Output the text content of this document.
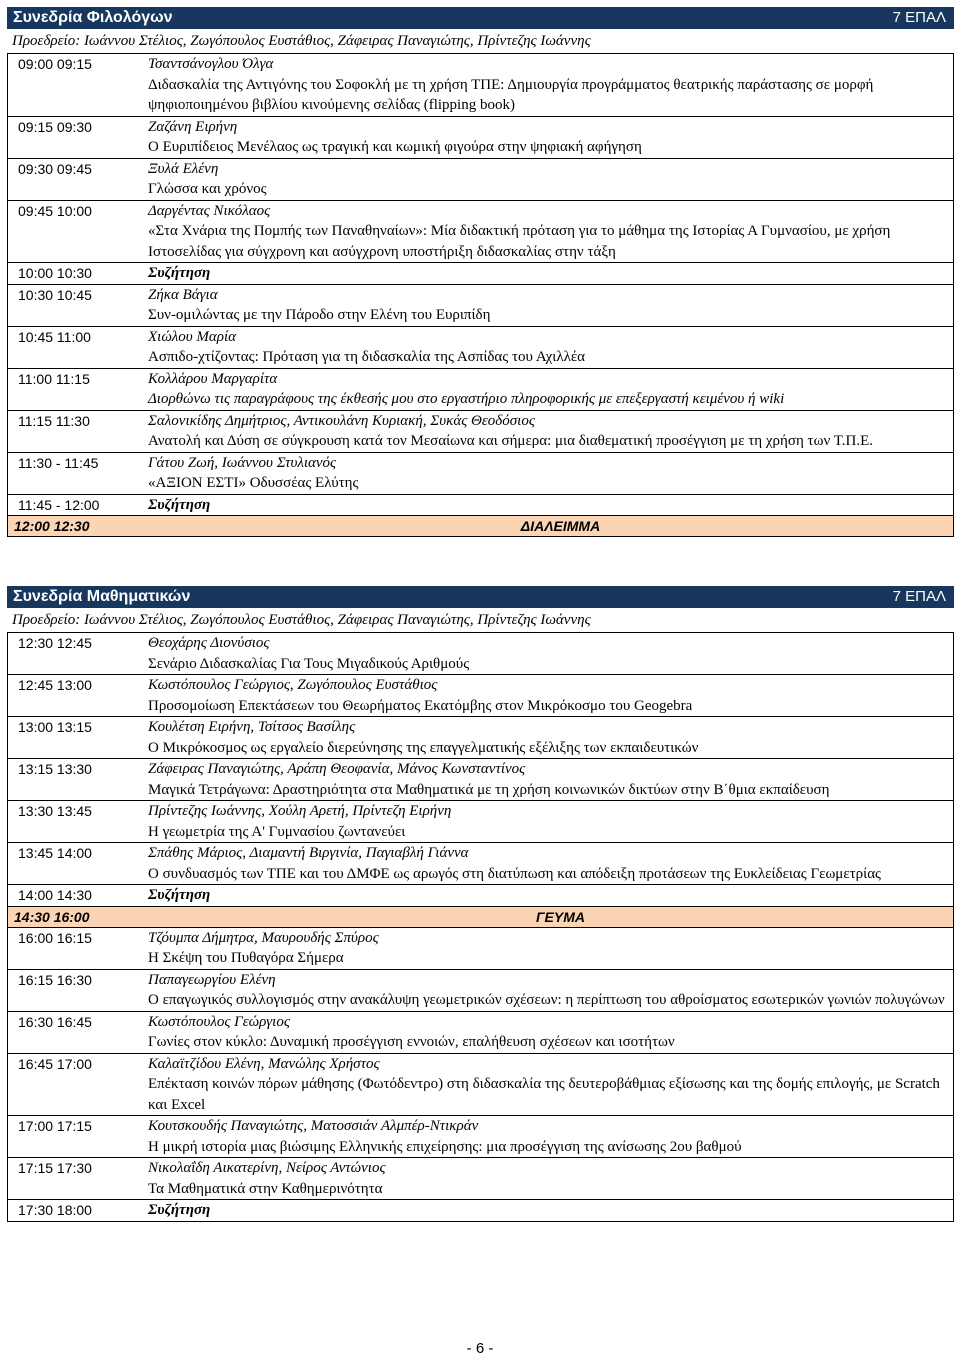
Συνεδρία Φιλολόγων	7 ΕΠΑΛ
Προεδρείο: Ιωάννου Στέλιος, Ζωγόπουλος Ευστάθιος, Ζάφειρας Παναγιώτης, Πρίντεζης Ιωάννης
09:00 09:15	Τσαντσάνογλου Όλγα
Διδασκαλία της Αντιγόνης του Σοφοκλή με τη χρήση ΤΠΕ: Δημιουργία προγράμματος θεατρικής παράστασης σε μορφή ψηφιοποιημένου βιβλίου κινούμενης σελίδας (flipping book)
09:15 09:30	Ζαζάνη Ειρήνη
Ο Ευριπίδειος Μενέλαος ως τραγική και κωμική φιγούρα στην ψηφιακή αφήγηση
09:30 09:45	Ξυλά Ελένη
Γλώσσα και χρόνος
09:45 10:00	Δαργέντας Νικόλαος
«Στα Χνάρια της Πομπής των Παναθηναίων»: Μία διδακτική πρόταση για το μάθημα της Ιστορίας Α Γυμνασίου, με χρήση Ιστοσελίδας για σύγχρονη και ασύγχρονη υποστήριξη διδασκαλίας στην τάξη
10:00 10:30	Συζήτηση
10:30 10:45	Ζήκα Βάγια
Συν-ομιλώντας με την Πάροδο στην Ελένη του Ευριπίδη
10:45 11:00	Χιώλου Μαρία
Ασπιδο-χτίζοντας: Πρόταση για τη διδασκαλία της Ασπίδας του Αχιλλέα
11:00 11:15	Κολλάρου Μαργαρίτα
Διορθώνω τις παραγράφους της έκθεσής μου στο εργαστήριο πληροφορικής με επεξεργαστή κειμένου ή wiki
11:15 11:30	Σαλονικίδης Δημήτριος, Αντικουλάνη Κυριακή, Συκάς Θεοδόσιος
Ανατολή και Δύση σε σύγκρουση κατά τον Μεσαίωνα και σήμερα: μια διαθεματική προσέγγιση με τη χρήση των Τ.Π.Ε.
11:30 - 11:45	Γάτου Ζωή, Ιωάννου Στυλιανός
«ΑΞΙΟΝ ΕΣΤΙ» Οδυσσέας Ελύτης
11:45 - 12:00	Συζήτηση
12:00 12:30	ΔΙΑΛΕΙΜΜΑ
Συνεδρία Μαθηματικών	7 ΕΠΑΛ
Προεδρείο: Ιωάννου Στέλιος, Ζωγόπουλος Ευστάθιος, Ζάφειρας Παναγιώτης, Πρίντεζης Ιωάννης
12:30 12:45	Θεοχάρης Διονύσιος
Σενάριο Διδασκαλίας Για Τους Μιγαδικούς Αριθμούς
12:45 13:00	Κωστόπουλος Γεώργιος, Ζωγόπουλος Ευστάθιος
Προσομοίωση Επεκτάσεων του Θεωρήματος Εκατόμβης στον Μικρόκοσμο του Geogebra
13:00 13:15	Κουλέτση Ειρήνη, Τσίτσος Βασίλης
Ο Μικρόκοσμος ως εργαλείο διερεύνησης της επαγγελματικής εξέλιξης των εκπαιδευτικών
13:15 13:30	Ζάφειρας Παναγιώτης, Αράπη Θεοφανία, Μάνος Κωνσταντίνος
Μαγικά Τετράγωνα: Δραστηριότητα στα Μαθηματικά με τη χρήση κοινωνικών δικτύων στην Β΄θμια εκπαίδευση
13:30 13:45	Πρίντεζης Ιωάννης, Χούλη Αρετή, Πρίντεζη Ειρήνη
Η γεωμετρία της Α' Γυμνασίου ζωντανεύει
13:45 14:00	Σπάθης Μάριος, Διαμαντή Βιργινία, Παγιαβλή Γιάννα
Ο συνδυασμός των ΤΠΕ και του ΔΜΦΕ ως αρωγός στη διατύπωση και απόδειξη προτάσεων της Ευκλείδειας Γεωμετρίας
14:00 14:30	Συζήτηση
14:30 16:00	ΓΕΥΜΑ
16:00 16:15	Τζόυμπα Δήμητρα, Μαυρουδής Σπύρος
Η Σκέψη του Πυθαγόρα Σήμερα
16:15 16:30	Παπαγεωργίου Ελένη
Ο επαγωγικός συλλογισμός στην ανακάλυψη γεωμετρικών σχέσεων: η περίπτωση του αθροίσματος εσωτερικών γωνιών πολυγώνων
16:30 16:45	Κωστόπουλος Γεώργιος
Γωνίες στον κύκλο: Δυναμική προσέγγιση εννοιών, επαλήθευση σχέσεων και ισοτήτων
16:45 17:00	Καλαϊτζίδου Ελένη, Μανώλης Χρήστος
Επέκταση κοινών πόρων μάθησης (Φωτόδεντρο) στη διδασκαλία της δευτεροβάθμιας εξίσωσης και της δομής επιλογής, με Scratch και Excel
17:00 17:15	Κουτσκουδής Παναγιώτης, Ματοσσιάν Αλμπέρ-Ντικράν
Η μικρή ιστορία μιας βιώσιμης Ελληνικής επιχείρησης: μια προσέγγιση της ανίσωσης 2ου βαθμού
17:15 17:30	Νικολαΐδη Αικατερίνη, Νείρος Αντώνιος
Τα Μαθηματικά στην Καθημερινότητα
17:30 18:00	Συζήτηση
- 6 -
